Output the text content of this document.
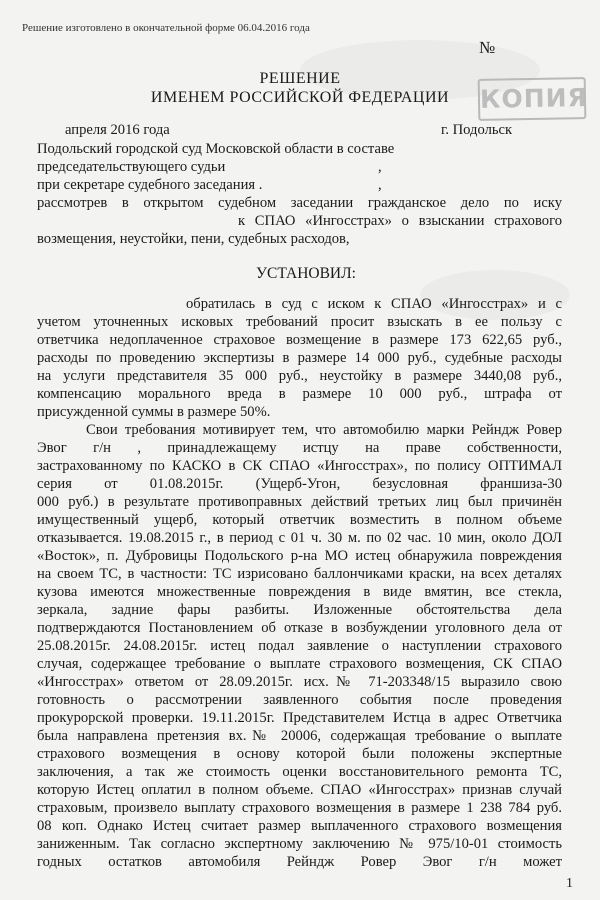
Решение изготовлено в окончательной форме 06.04.2016 года
№
КОПИЯ
РЕШЕНИЕ
ИМЕНЕМ РОССИЙСКОЙ ФЕДЕРАЦИИ
апреля 2016 года	г. Подольск
Подольский городской суд Московской области в составе
председательствующего судьи	,
при секретаре судебного заседания .	,
рассмотрев в открытом судебном заседании гражданское дело по иску
к СПАО «Ингосстрах» о взыскании страхового
возмещения, неустойки, пени, судебных расходов,
УСТАНОВИЛ:
обратилась в суд с иском к СПАО «Ингосстрах» и с
учетом уточненных исковых требований просит взыскать в ее пользу с
ответчика недоплаченное страховое возмещение в размере 173 622,65 руб.,
расходы по проведению экспертизы в размере 14 000 руб., судебные расходы
на услуги представителя 35 000 руб., неустойку в размере 3440,08 руб.,
компенсацию морального вреда в размере 10 000 руб., штрафа от
присужденной суммы в размере 50%.
Свои требования мотивирует тем, что автомобилю марки Рейндж Ровер
Эвог г/н , принадлежащему истцу на праве собственности,
застрахованному по КАСКО в СК СПАО «Ингосстрах», по полису ОПТИМАЛ
серия от 01.08.2015г. (Ущерб-Угон, безусловная франшиза-30
000 руб.) в результате противоправных действий третьих лиц был причинён
имущественный ущерб, который ответчик возместить в полном объеме
отказывается. 19.08.2015 г., в период с 01 ч. 30 м. по 02 час. 10 мин, около ДОЛ
«Восток», п. Дубровицы Подольского р-на МО истец обнаружила повреждения
на своем ТС, в частности: ТС изрисовано баллончиками краски, на всех деталях
кузова имеются множественные повреждения в виде вмятин, все стекла,
зеркала, задние фары разбиты. Изложенные обстоятельства дела
подтверждаются Постановлением об отказе в возбуждении уголовного дела от
25.08.2015г. 24.08.2015г. истец подал заявление о наступлении страхового
случая, содержащее требование о выплате страхового возмещения, СК СПАО
«Ингосстрах» ответом от 28.09.2015г. исх.№ 71-203348/15 выразило свою
готовность о рассмотрении заявленного события после проведения
прокурорской проверки. 19.11.2015г. Представителем Истца в адрес Ответчика
была направлена претензия вх.№ 20006, содержащая требование о выплате
страхового возмещения в основу которой были положены экспертные
заключения, а так же стоимость оценки восстановительного ремонта ТС,
которую Истец оплатил в полном объеме. СПАО «Ингосстрах» признав случай
страховым, произвело выплату страхового возмещения в размере 1 238 784 руб.
08 коп. Однако Истец считает размер выплаченного страхового возмещения
заниженным. Так согласно экспертному заключению № 975/10-01 стоимость
годных остатков автомобиля Рейндж Ровер Эвог г/н может
1
